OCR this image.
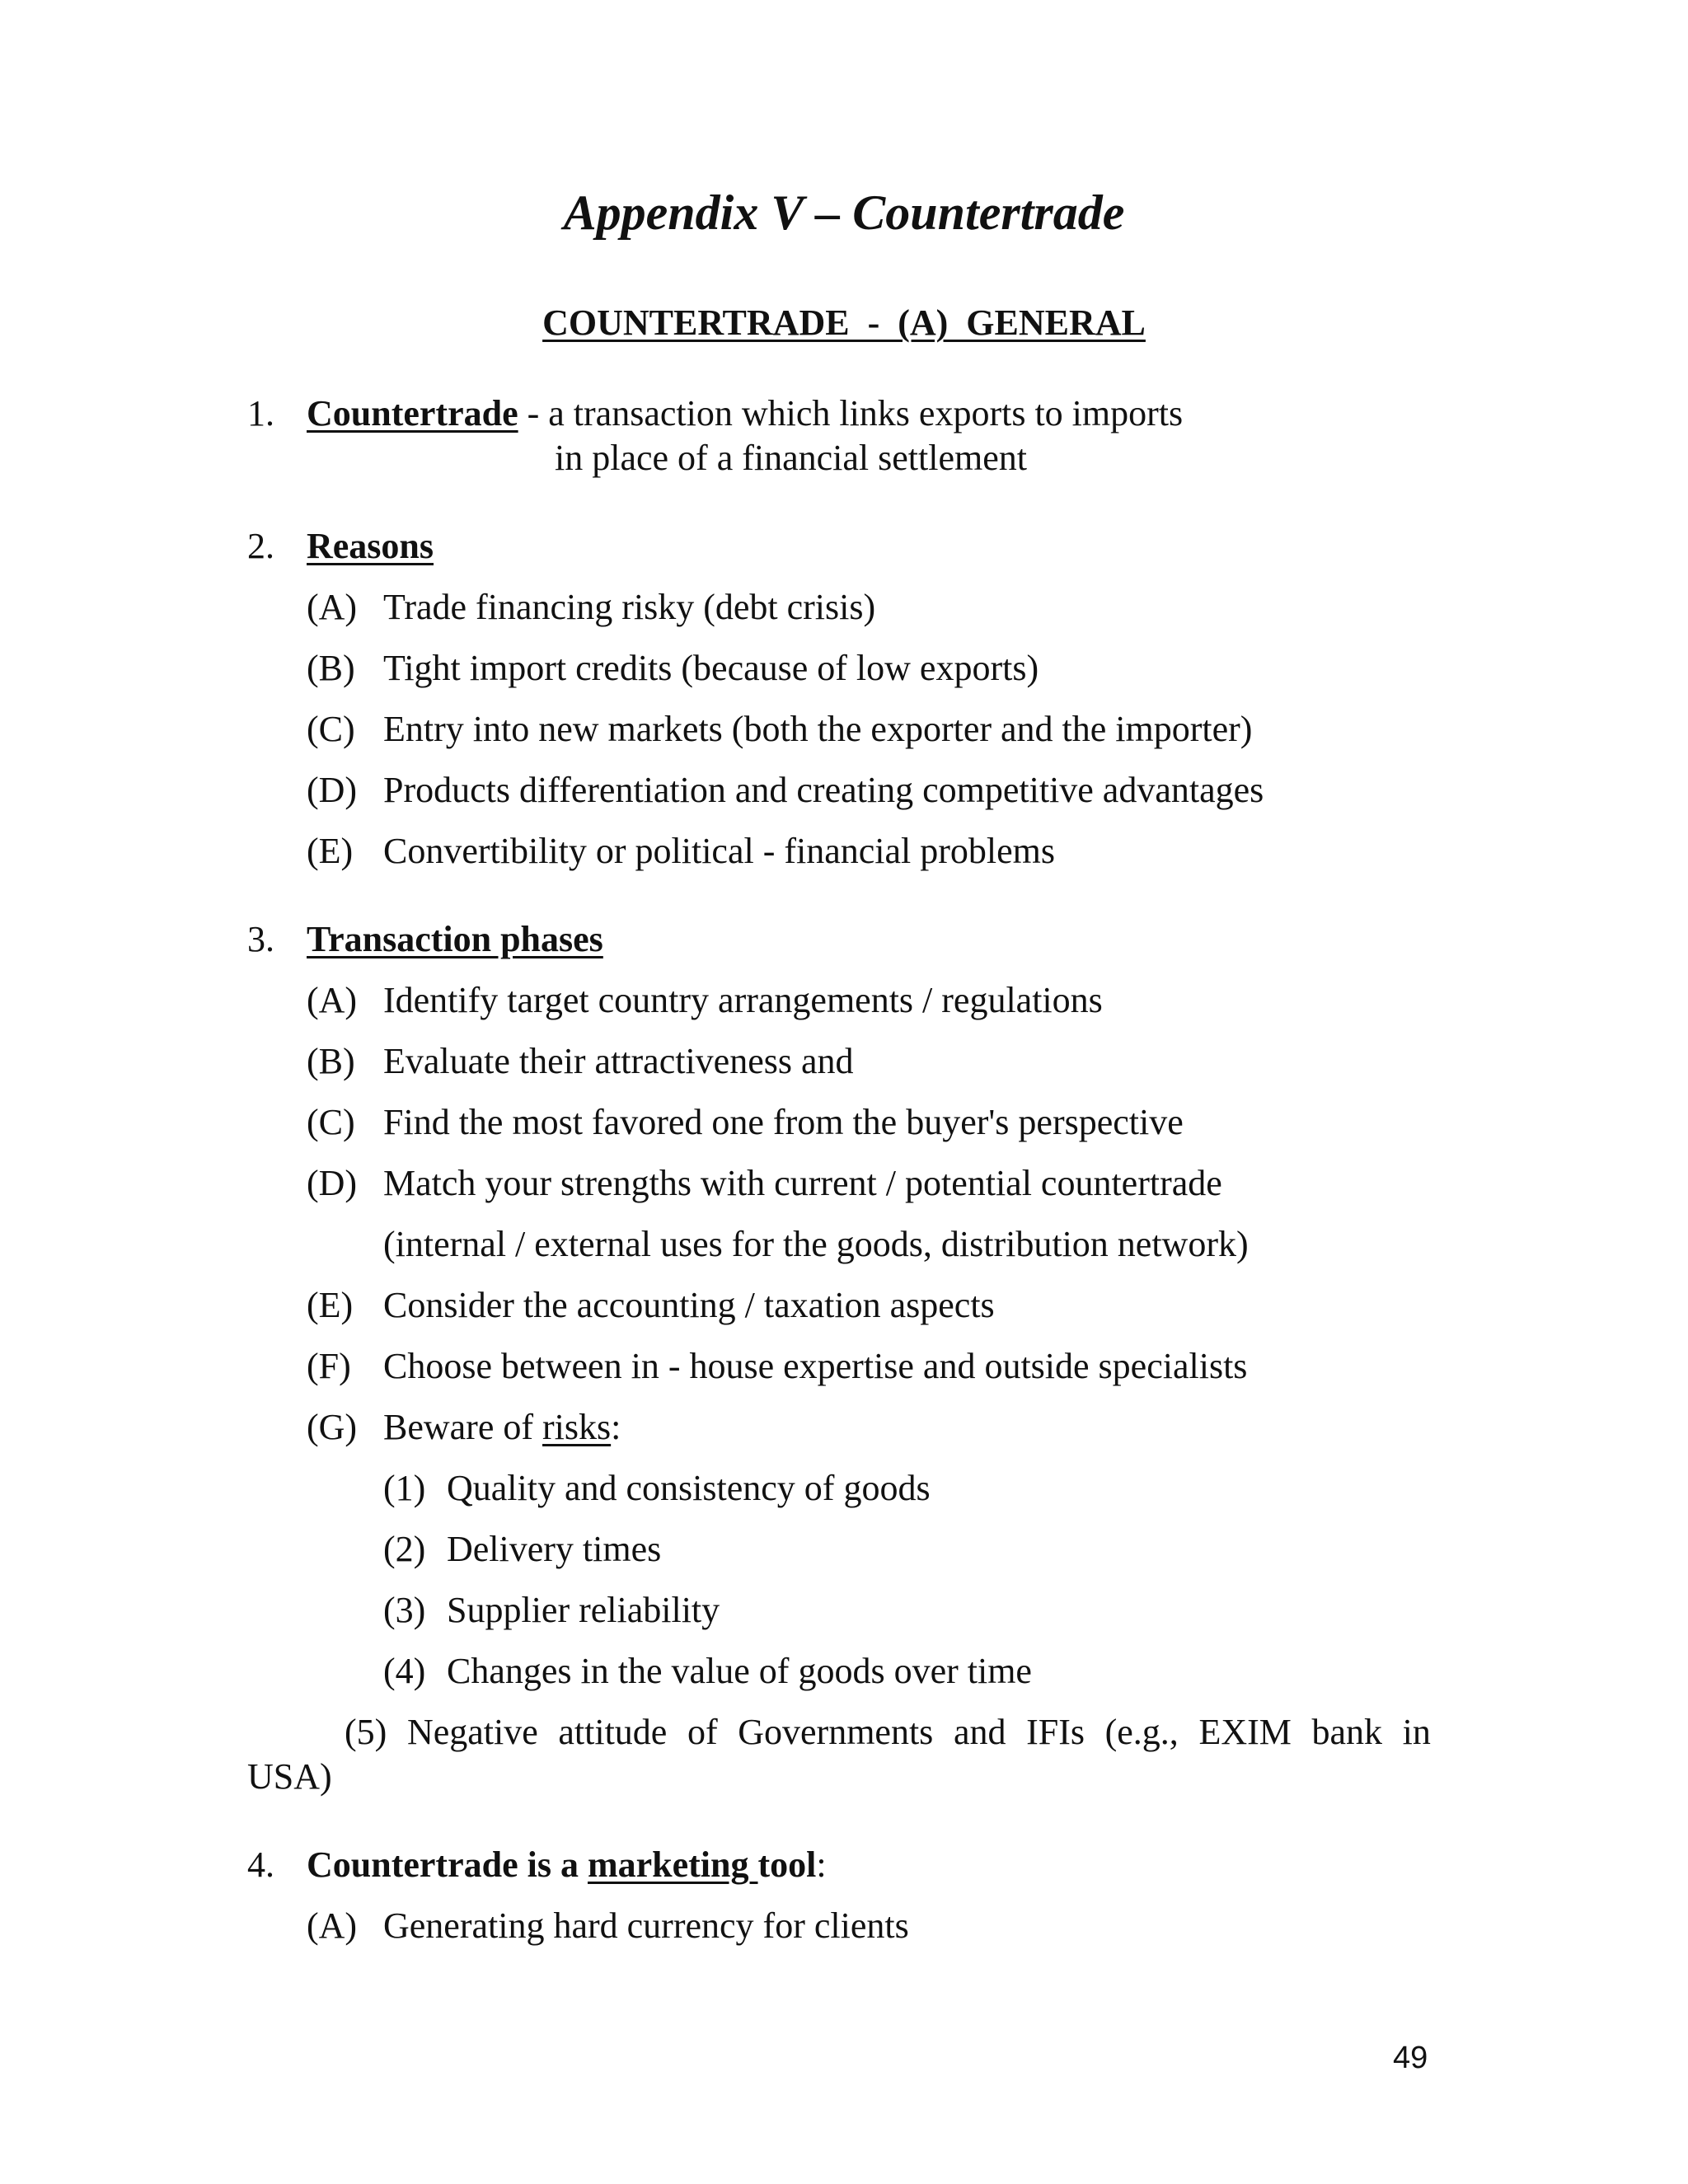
Appendix V – Countertrade
COUNTERTRADE  -  (A)  GENERAL
1. Countertrade - a transaction which links exports to imports
in place of a financial settlement
2. Reasons
(A) Trade financing risky (debt crisis)
(B) Tight import credits (because of low exports)
(C) Entry into new markets (both the exporter and the importer)
(D) Products differentiation and creating competitive advantages
(E) Convertibility or political - financial problems
3. Transaction phases
(A) Identify target country arrangements / regulations
(B) Evaluate their attractiveness and
(C) Find the most favored one from the buyer's perspective
(D) Match your strengths with current / potential countertrade
(internal / external uses for the goods, distribution network)
(E) Consider the accounting / taxation aspects
(F) Choose between in - house expertise and outside specialists
(G) Beware of risks:
(1) Quality and consistency of goods
(2) Delivery times
(3) Supplier reliability
(4) Changes in the value of goods over time
(5) Negative attitude of Governments and IFIs (e.g., EXIM bank in
USA)
4. Countertrade is a marketing tool:
(A) Generating hard currency for clients
49
